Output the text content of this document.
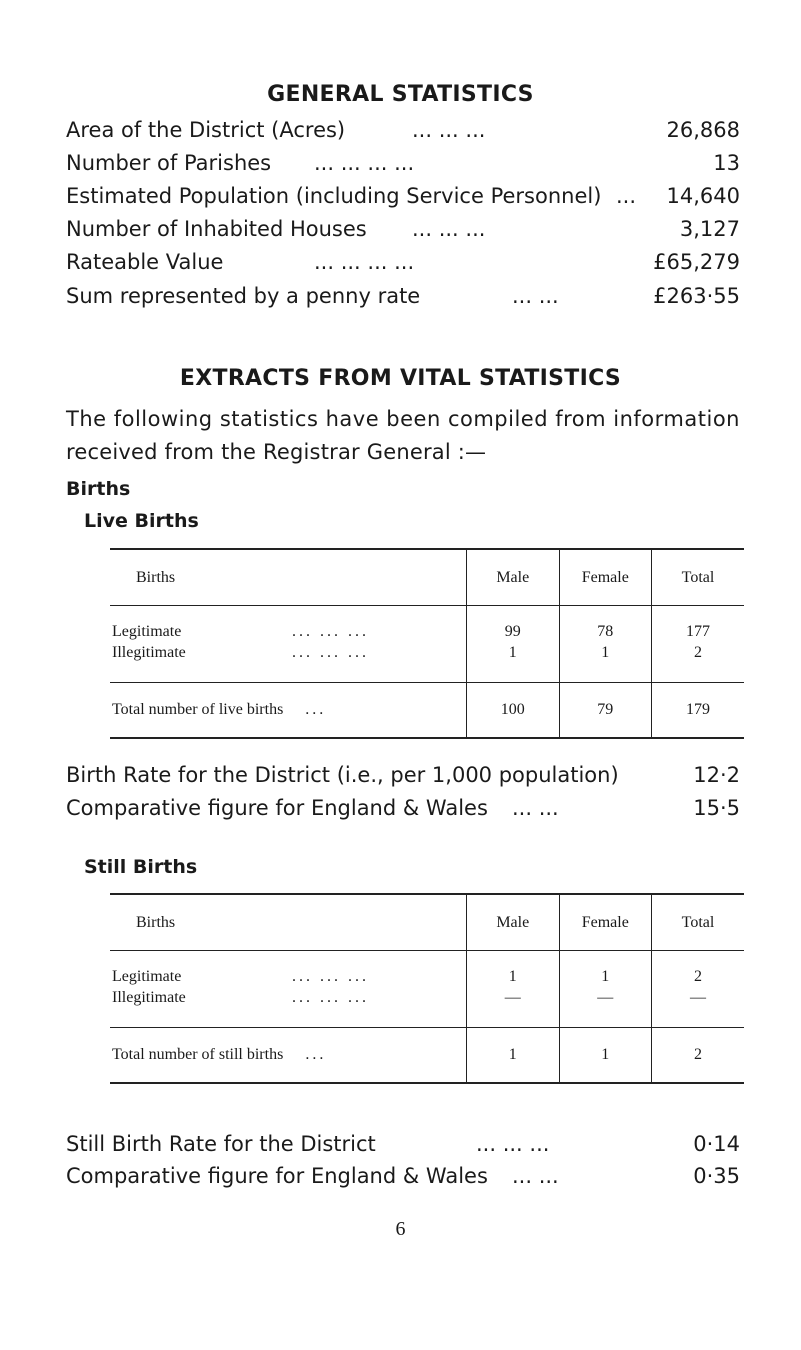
GENERAL STATISTICS
Area of the District (Acres)	... ... ...	26,868
Number of Parishes ... ... ... ...	13
Estimated Population (including Service Personnel) ... 14,640
Number of Inhabited Houses ... ... ...	3,127
Rateable Value	... ... ... ...	£65,279
Sum represented by a penny rate	... ...	£263·55
EXTRACTS FROM VITAL STATISTICS
The following statistics have been compiled from information
received from the Registrar General :—
Births
Live Births
Births	Male	Female	Total
Legitimate ... ... ...	99	78	177
Illegitimate ... ... ...	1	1	2
Total number of live births ...	100	79	179
Birth Rate for the District (i.e., per 1,000 population)	12·2
Comparative figure for England & Wales ... ...	15·5
Still Births
Births	Male	Female	Total
Legitimate ... ... ...	1	1	2
Illegitimate ... ... ...	—	—	—
Total number of still births ...	1	1	2
Still Birth Rate for the District	... ... ...	0·14
Comparative figure for England & Wales ... ...	0·35
6
